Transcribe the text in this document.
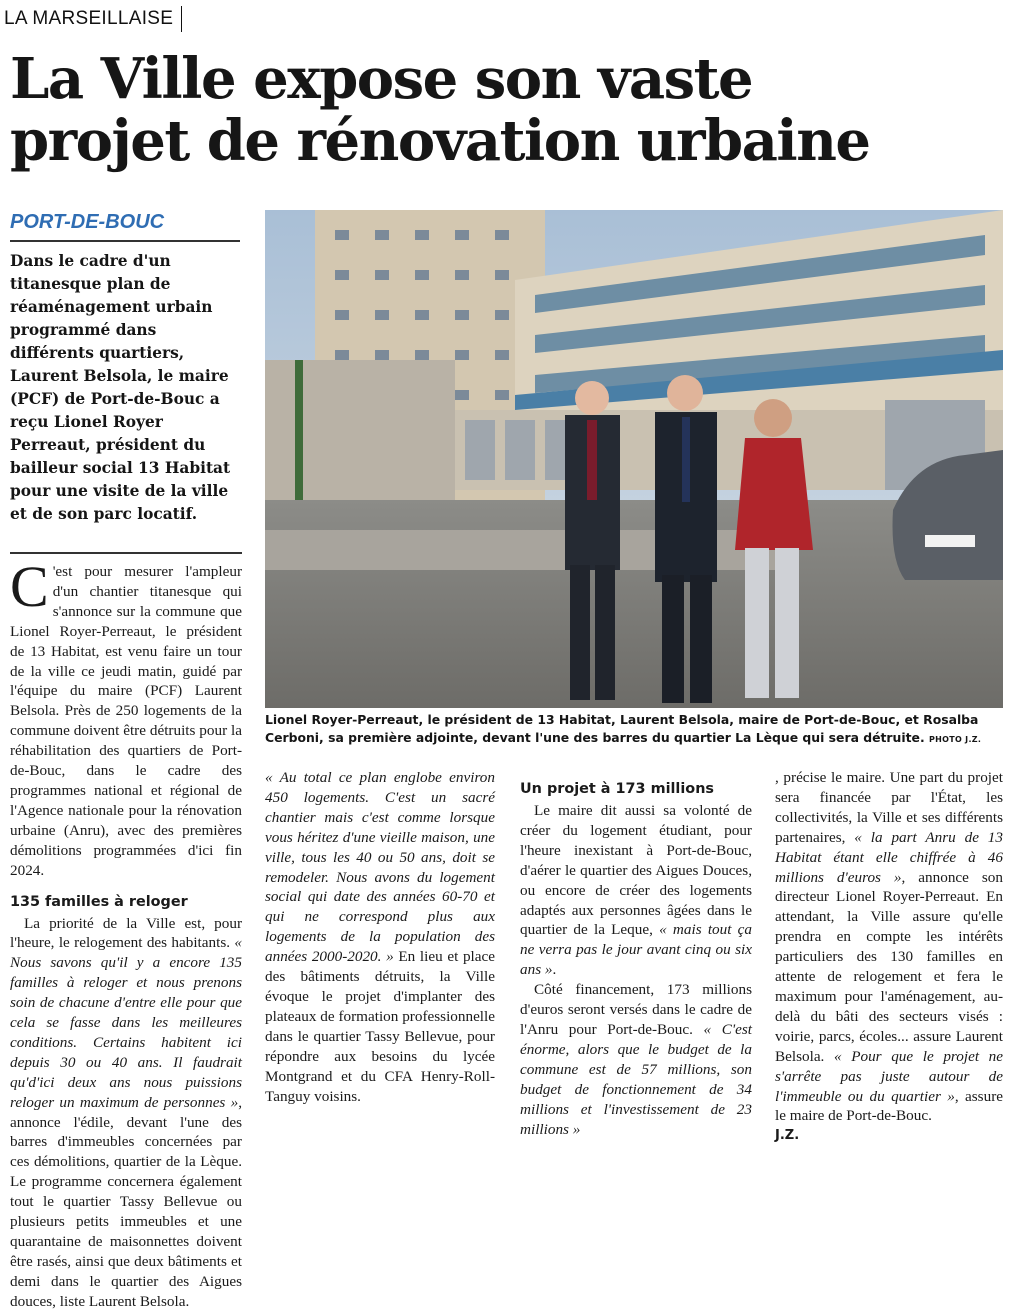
LA MARSEILLAISE
La Ville expose son vaste
projet de rénovation urbaine
PORT-DE-BOUC
Dans le cadre d'un titanesque plan de réaménagement urbain programmé dans différents quartiers, Laurent Belsola, le maire (PCF) de Port-de-Bouc a reçu Lionel Royer Perreaut, président du bailleur social 13 Habitat pour une visite de la ville et de son parc locatif.
Lionel Royer-Perreaut, le président de 13 Habitat, Laurent Belsola, maire de Port-de-Bouc, et Rosalba Cerboni, sa première adjointe, devant l'une des barres du quartier La Lèque qui sera détruite. PHOTO J.Z.

C 'est pour mesurer l'ampleur d'un chantier titanesque qui s'annonce sur la commune que Lionel Royer-Perreaut, le président de 13 Habitat, est venu faire un tour de la ville ce jeudi matin, guidé par l'équipe du maire (PCF) Laurent Belsola. Près de 250 logements de la commune doivent être détruits pour la réhabilitation des quartiers de Port-de-Bouc, dans le cadre des programmes national et régional de l'Agence nationale pour la rénovation urbaine (Anru), avec des premières démolitions programmées d'ici fin 2024.

135 familles à reloger

La priorité de la Ville est, pour l'heure, le relogement des habitants. « Nous savons qu'il y a encore 135 familles à reloger et nous prenons soin de chacune d'entre elle pour que cela se fasse dans les meilleures conditions. Certains habitent ici depuis 30 ou 40 ans. Il faudrait qu'd'ici deux ans nous puissions reloger un maximum de personnes », annonce l'édile, devant l'une des barres d'immeubles concernées par ces démolitions, quartier de la Lèque. Le programme concernera également tout le quartier Tassy Bellevue ou plusieurs petits immeubles et une quarantaine de maisonnettes doivent être rasés, ainsi que deux bâtiments et demi dans le quartier des Aigues douces, liste Laurent Belsola.

« Au total ce plan englobe environ 450 logements. C'est un sacré chantier mais c'est comme lorsque vous héritez d'une vieille maison, une ville, tous les 40 ou 50 ans, doit se remodeler. Nous avons du logement social qui date des années 60-70 et qui ne correspond plus aux logements de la population des années 2000-2020. » En lieu et place des bâtiments détruits, la Ville évoque le projet d'implanter des plateaux de formation professionnelle dans le quartier Tassy Bellevue, pour répondre aux besoins du lycée Montgrand et du CFA Henry-Roll-Tanguy voisins.

Un projet à 173 millions

Le maire dit aussi sa volonté de créer du logement étudiant, pour l'heure inexistant à Port-de-Bouc, d'aérer le quartier des Aigues Douces, ou encore de créer des logements adaptés aux personnes âgées dans le quartier de la Leque, « mais tout ça ne verra pas le jour avant cinq ou six ans ».

Côté financement, 173 millions d'euros seront versés dans le cadre de l'Anru pour Port-de-Bouc. « C'est énorme, alors que le budget de la commune est de 57 millions, son budget de fonctionnement de 34 millions et l'investissement de 23 millions »

, précise le maire. Une part du projet sera financée par l'État, les collectivités, la Ville et ses différents partenaires, « la part Anru de 13 Habitat étant elle chiffrée à 46 millions d'euros », annonce son directeur Lionel Royer-Perreaut. En attendant, la Ville assure qu'elle prendra en compte les intérêts particuliers des 130 familles en attente de relogement et fera le maximum pour l'aménagement, au-delà du bâti des secteurs visés : voirie, parcs, écoles... assure Laurent Belsola. « Pour que le projet ne s'arrête pas juste autour de l'immeuble ou du quartier », assure le maire de Port-de-Bouc.

J.Z.
